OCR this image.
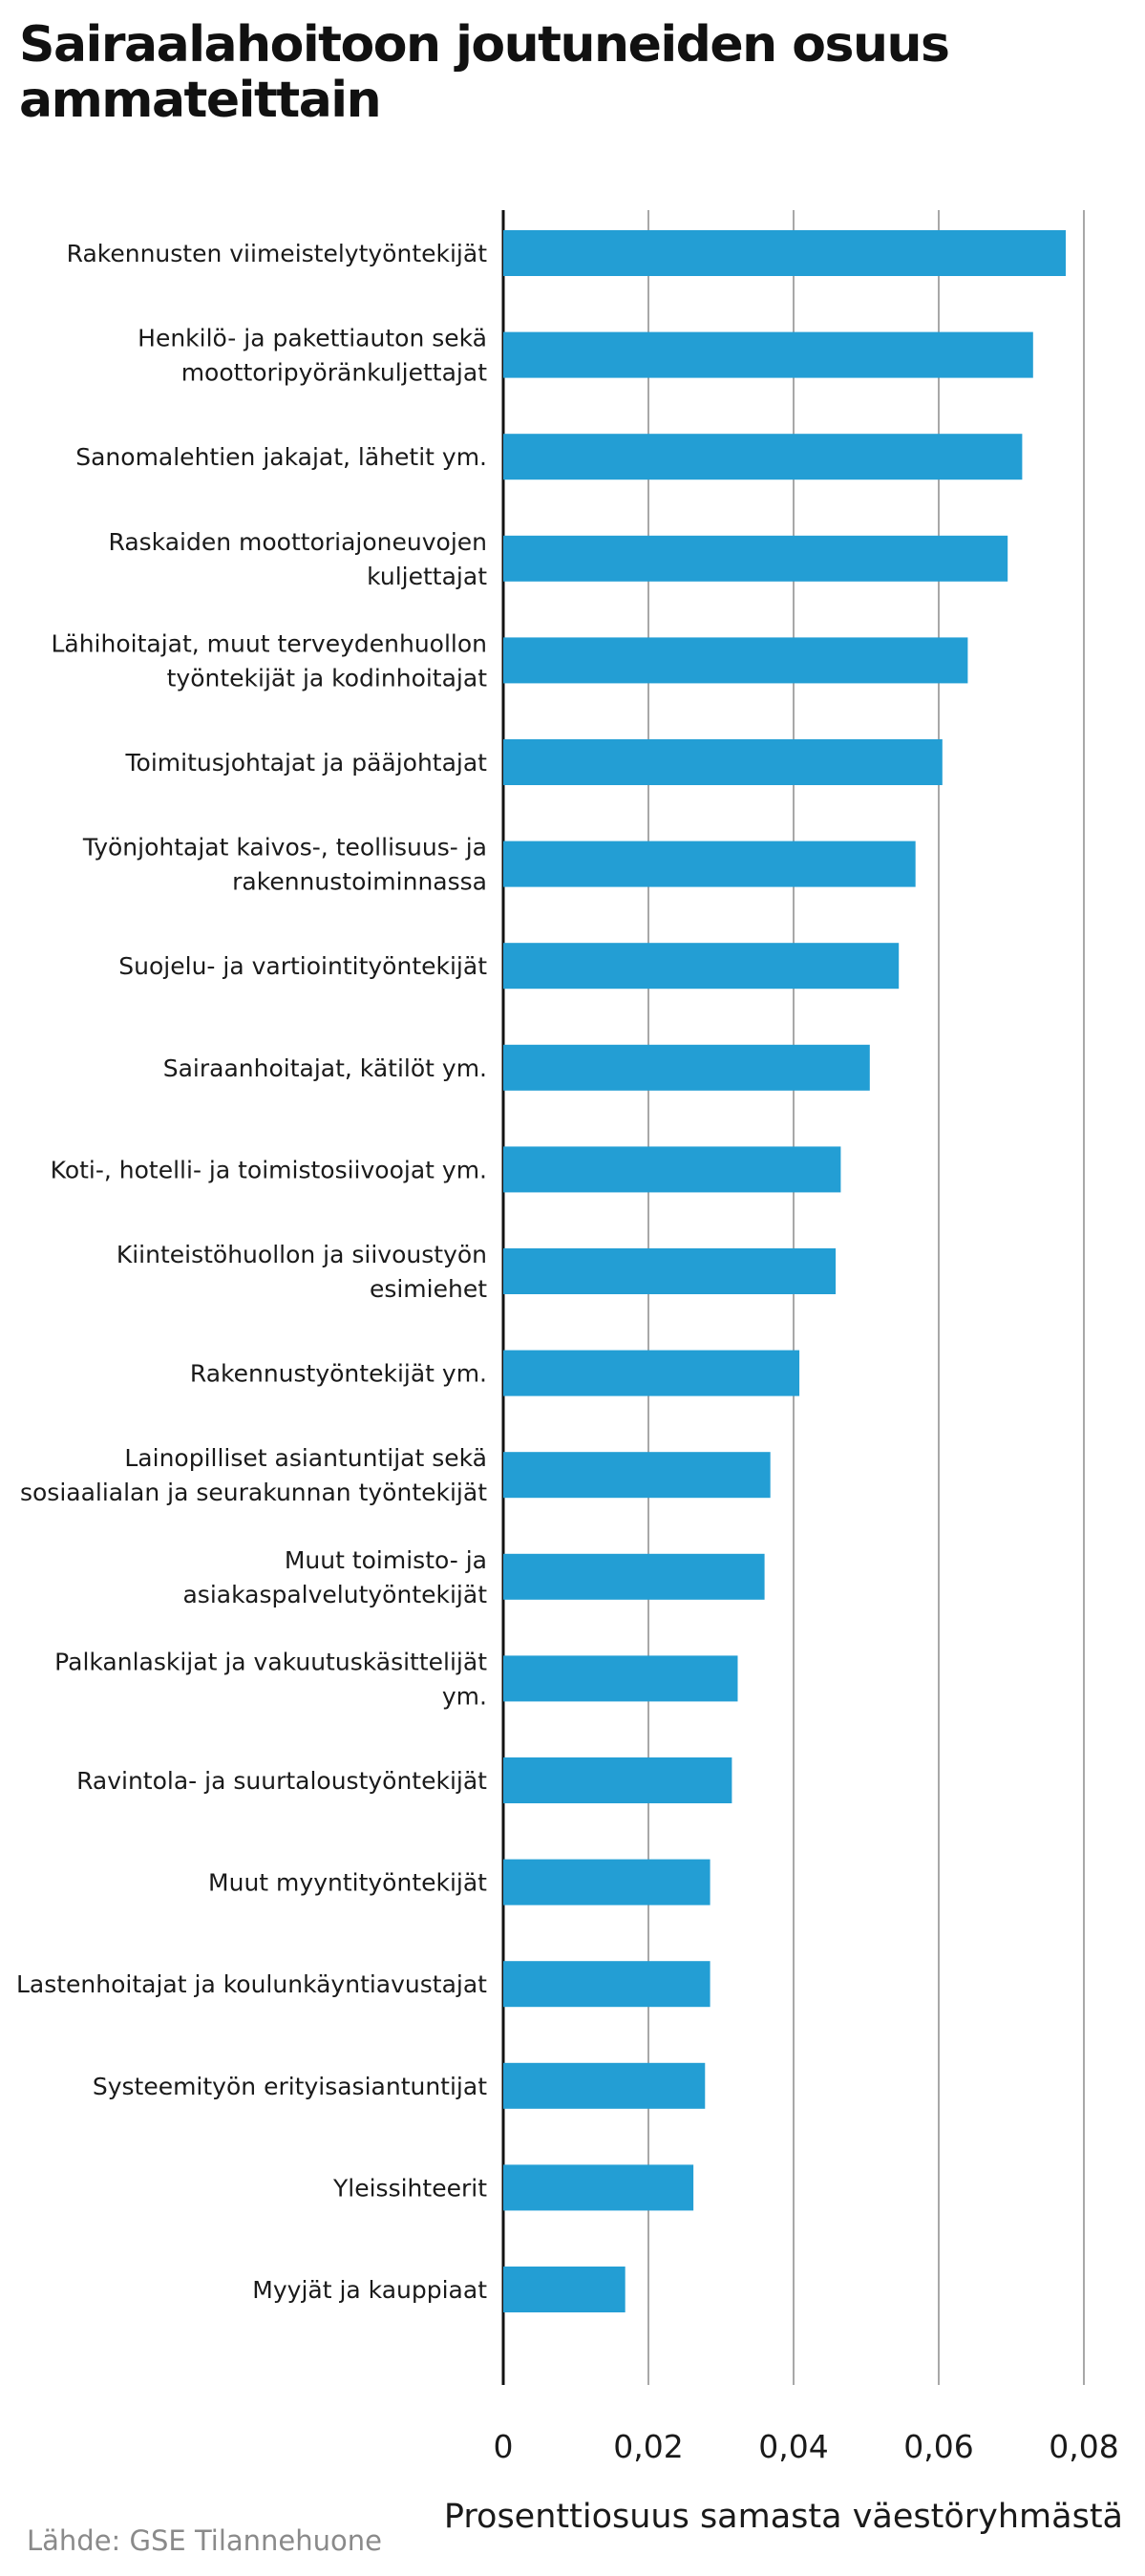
Sairaalahoitoon joutuneiden osuus
ammateittain
Rakennusten viimeistelytyöntekijät
Henkilö- ja pakettiauton sekä
moottoripyöränkuljettajat
Sanomalehtien jakajat, lähetit ym.
Raskaiden moottoriajoneuvojen
kuljettajat
Lähihoitajat, muut terveydenhuollon
työntekijät ja kodinhoitajat
Toimitusjohtajat ja pääjohtajat
Työnjohtajat kaivos-, teollisuus- ja
rakennustoiminnassa
Suojelu- ja vartiointityöntekijät
Sairaanhoitajat, kätilöt ym.
Koti-, hotelli- ja toimistosiivoojat ym.
Kiinteistöhuollon ja siivoustyön
esimiehet
Rakennustyöntekijät ym.
Lainopilliset asiantuntijat sekä
sosiaalialan ja seurakunnan työntekijät
Muut toimisto- ja
asiakaspalvelutyöntekijät
Palkanlaskijat ja vakuutuskäsittelijät
ym.
Ravintola- ja suurtaloustyöntekijät
Muut myyntityöntekijät
Lastenhoitajat ja koulunkäyntiavustajat
Systeemityön erityisasiantuntijat
Yleissihteerit
Myyjät ja kauppiaat
0	0,02 0,04 0,06 0,08
Prosenttiosuus samasta väestöryhmästä
Lähde: GSE Tilannehuone
